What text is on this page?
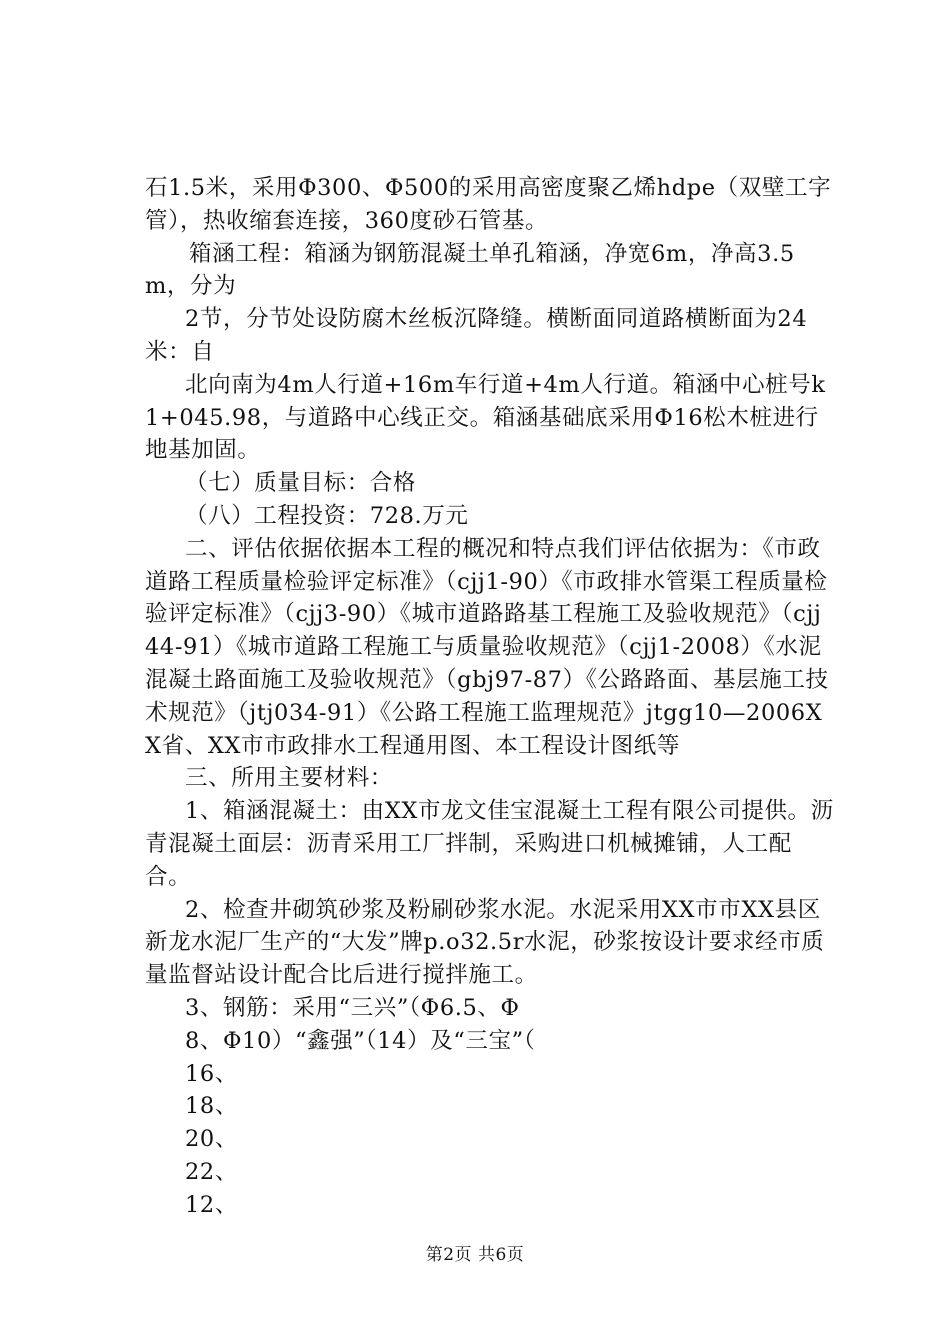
石1.5米，采用Φ300、Φ500的采用高密度聚乙烯hdpe（双壁工字管），热收缩套连接，360度砂石管基。

箱涵工程：箱涵为钢筋混凝土单孔箱涵，净宽6m，净高3.5m，分为

2节，分节处设防腐木丝板沉降缝。横断面同道路横断面为24米：自

北向南为4m人行道+16m车行道+4m人行道。箱涵中心桩号k1+045.98，与道路中心线正交。箱涵基础底采用Φ16松木桩进行地基加固。

（七）质量目标：合格

（八）工程投资：728.万元

二、评估依据依据本工程的概况和特点我们评估依据为：《市政道路工程质量检验评定标准》（cjj1-90）《市政排水管渠工程质量检验评定标准》（cjj3-90）《城市道路路基工程施工及验收规范》（cjj44-91）《城市道路工程施工与质量验收规范》（cjj1-2008）《水泥混凝土路面施工及验收规范》（gbj97-87）《公路路面、基层施工技术规范》（jtj034-91）《公路工程施工监理规范》jtgg10—2006XX省、XX市市政排水工程通用图、本工程设计图纸等

三、所用主要材料：

1、箱涵混凝土：由XX市龙文佳宝混凝土工程有限公司提供。沥青混凝土面层：沥青采用工厂拌制，采购进口机械摊铺，人工配合。

2、检查井砌筑砂浆及粉刷砂浆水泥。水泥采用XX市市XX县区新龙水泥厂生产的“大发”牌p.o32.5r水泥，砂浆按设计要求经市质量监督站设计配合比后进行搅拌施工。

3、钢筋：采用“三兴”（Φ6.5、Φ

8、Φ10）“鑫强”（14）及“三宝”（

16、

18、

20、

22、

12、

第2页 共6页
